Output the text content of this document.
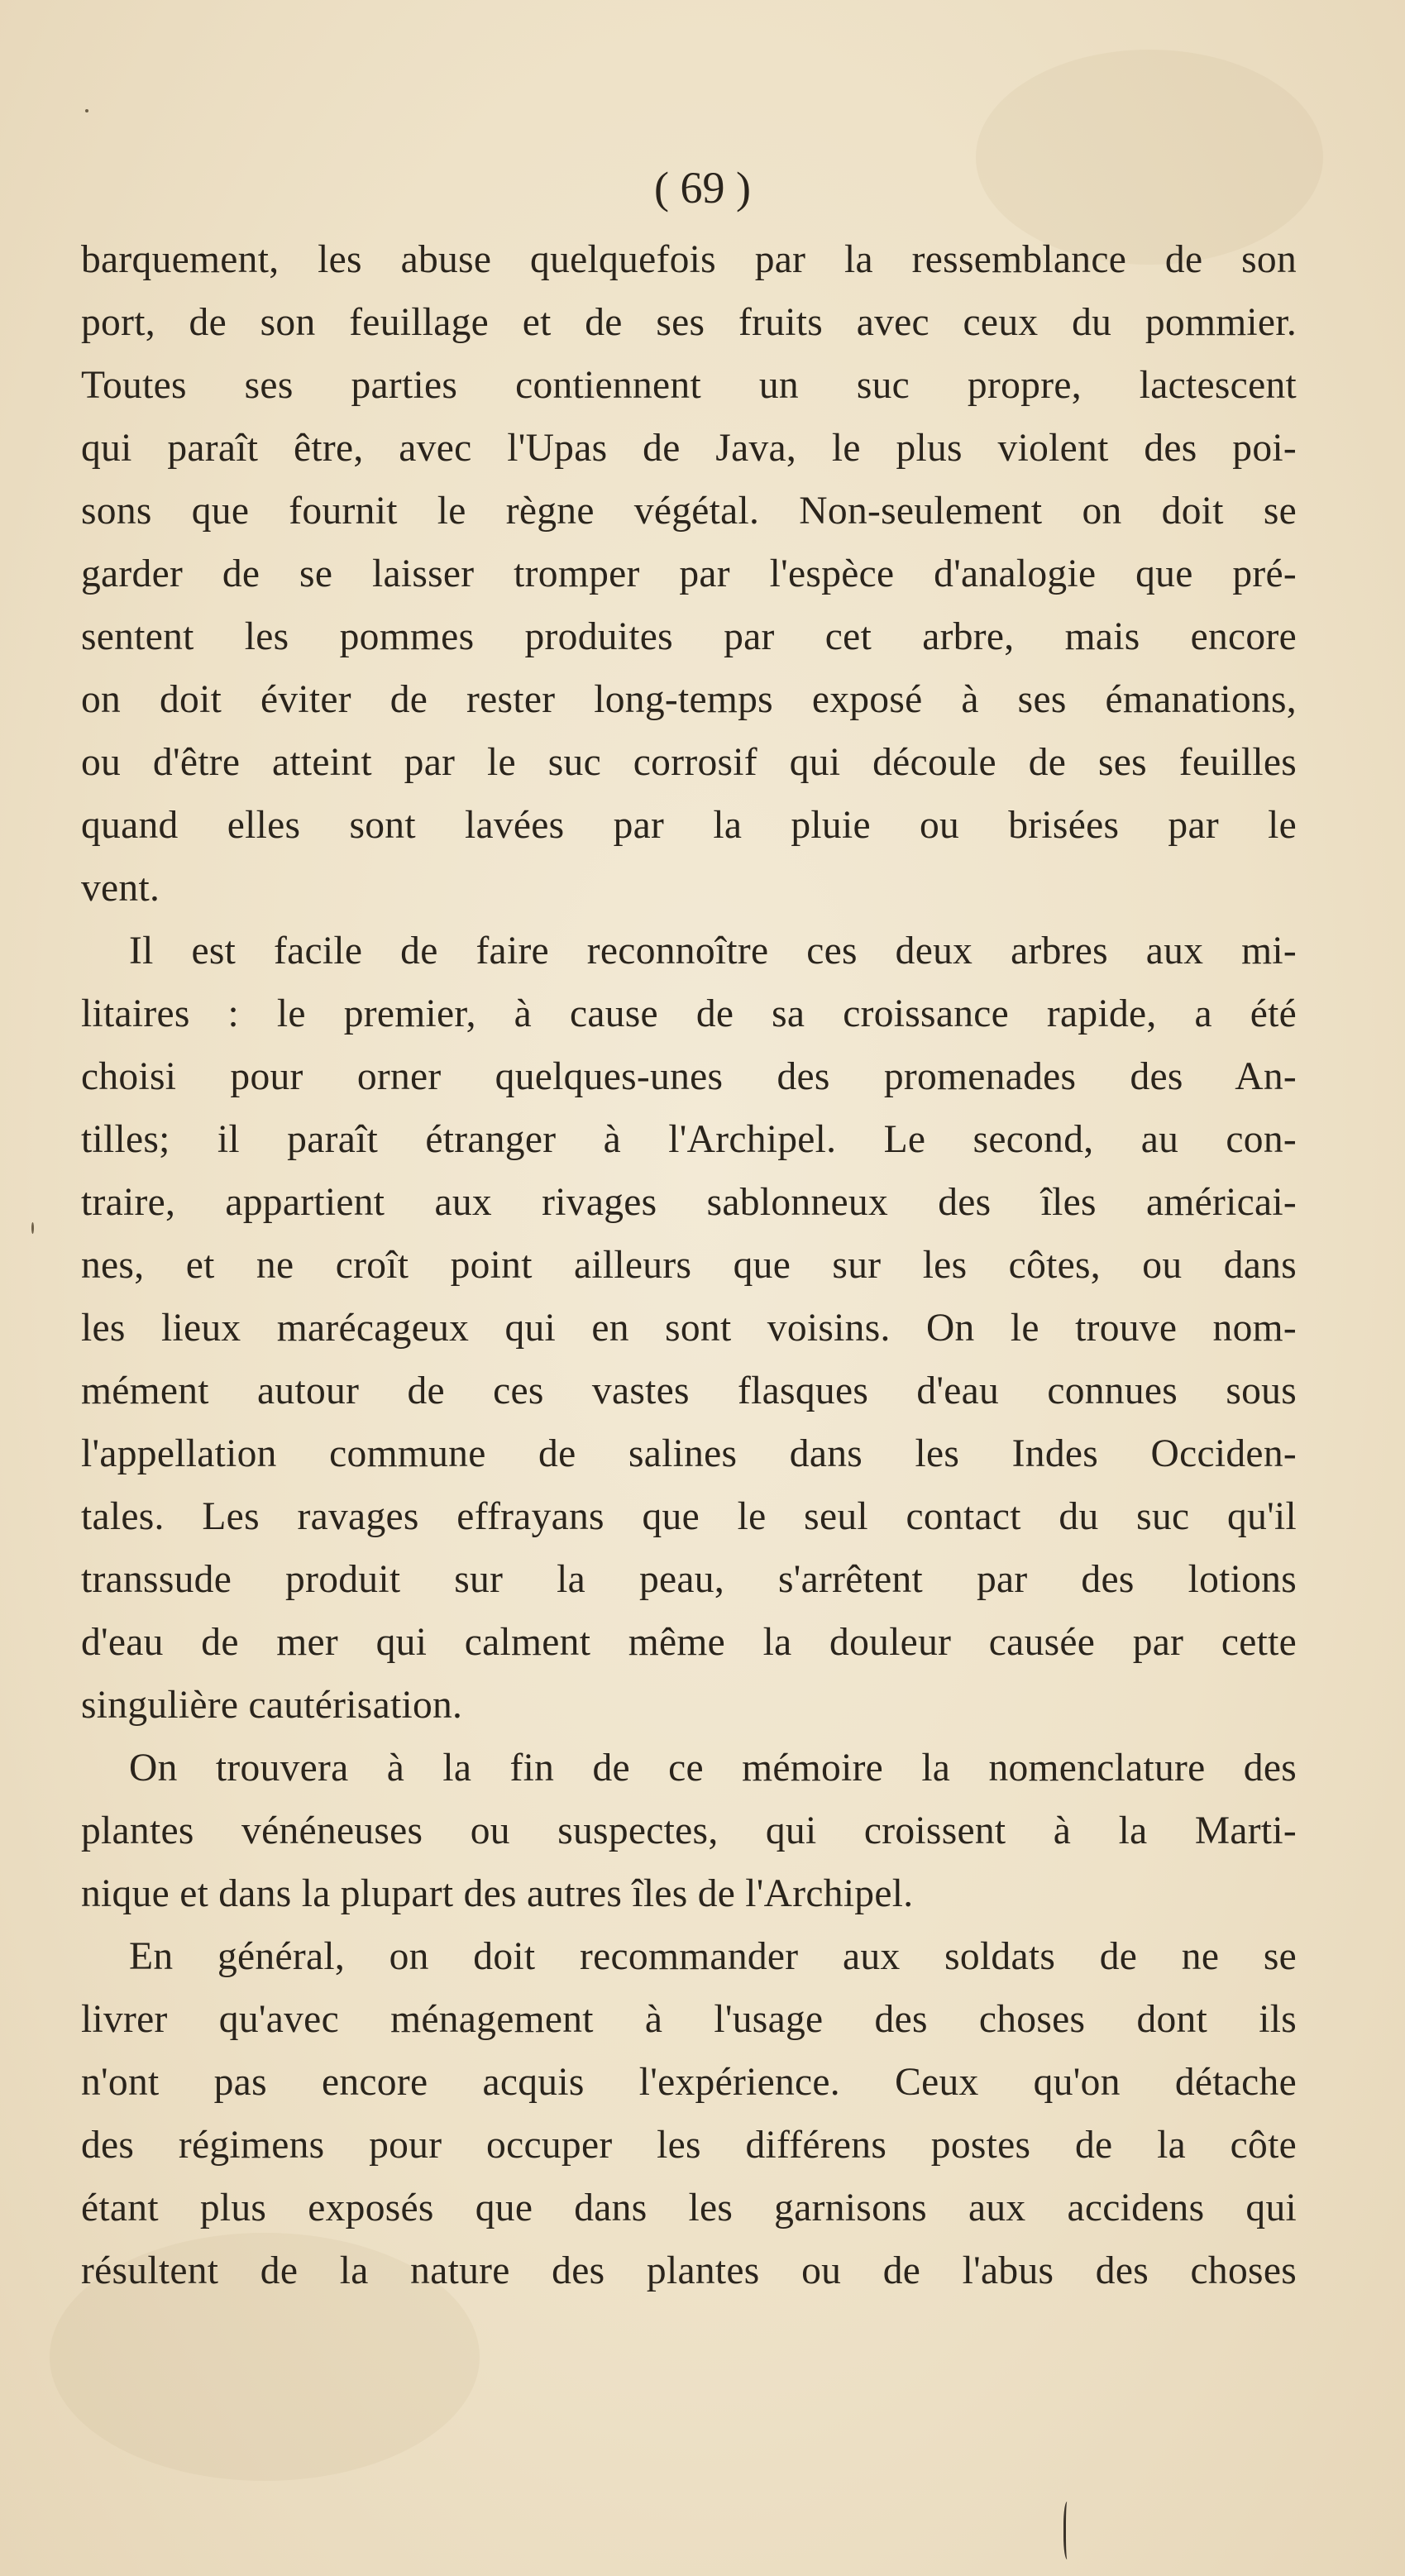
( 69 )
barquement, les abuse quelquefois par la ressemblance de son
port, de son feuillage et de ses fruits avec ceux du pommier.
Toutes ses parties contiennent un suc propre, lactescent
qui paraît être, avec l'Upas de Java, le plus violent des poi-
sons que fournit le règne végétal. Non-seulement on doit se
garder de se laisser tromper par l'espèce d'analogie que pré-
sentent les pommes produites par cet arbre, mais encore
on doit éviter de rester long-temps exposé à ses émanations,
ou d'être atteint par le suc corrosif qui découle de ses feuilles
quand elles sont lavées par la pluie ou brisées par le
vent.
Il est facile de faire reconnoître ces deux arbres aux mi-
litaires : le premier, à cause de sa croissance rapide, a été
choisi pour orner quelques-unes des promenades des An-
tilles; il paraît étranger à l'Archipel. Le second, au con-
traire, appartient aux rivages sablonneux des îles américai-
nes, et ne croît point ailleurs que sur les côtes, ou dans
les lieux marécageux qui en sont voisins. On le trouve nom-
mément autour de ces vastes flasques d'eau connues sous
l'appellation commune de salines dans les Indes Occiden-
tales. Les ravages effrayans que le seul contact du suc qu'il
transsude produit sur la peau, s'arrêtent par des lotions
d'eau de mer qui calment même la douleur causée par cette
singulière cautérisation.
On trouvera à la fin de ce mémoire la nomenclature des
plantes vénéneuses ou suspectes, qui croissent à la Marti-
nique et dans la plupart des autres îles de l'Archipel.
En général, on doit recommander aux soldats de ne se
livrer qu'avec ménagement à l'usage des choses dont ils
n'ont pas encore acquis l'expérience. Ceux qu'on détache
des régimens pour occuper les différens postes de la côte
étant plus exposés que dans les garnisons aux accidens qui
résultent de la nature des plantes ou de l'abus des choses
